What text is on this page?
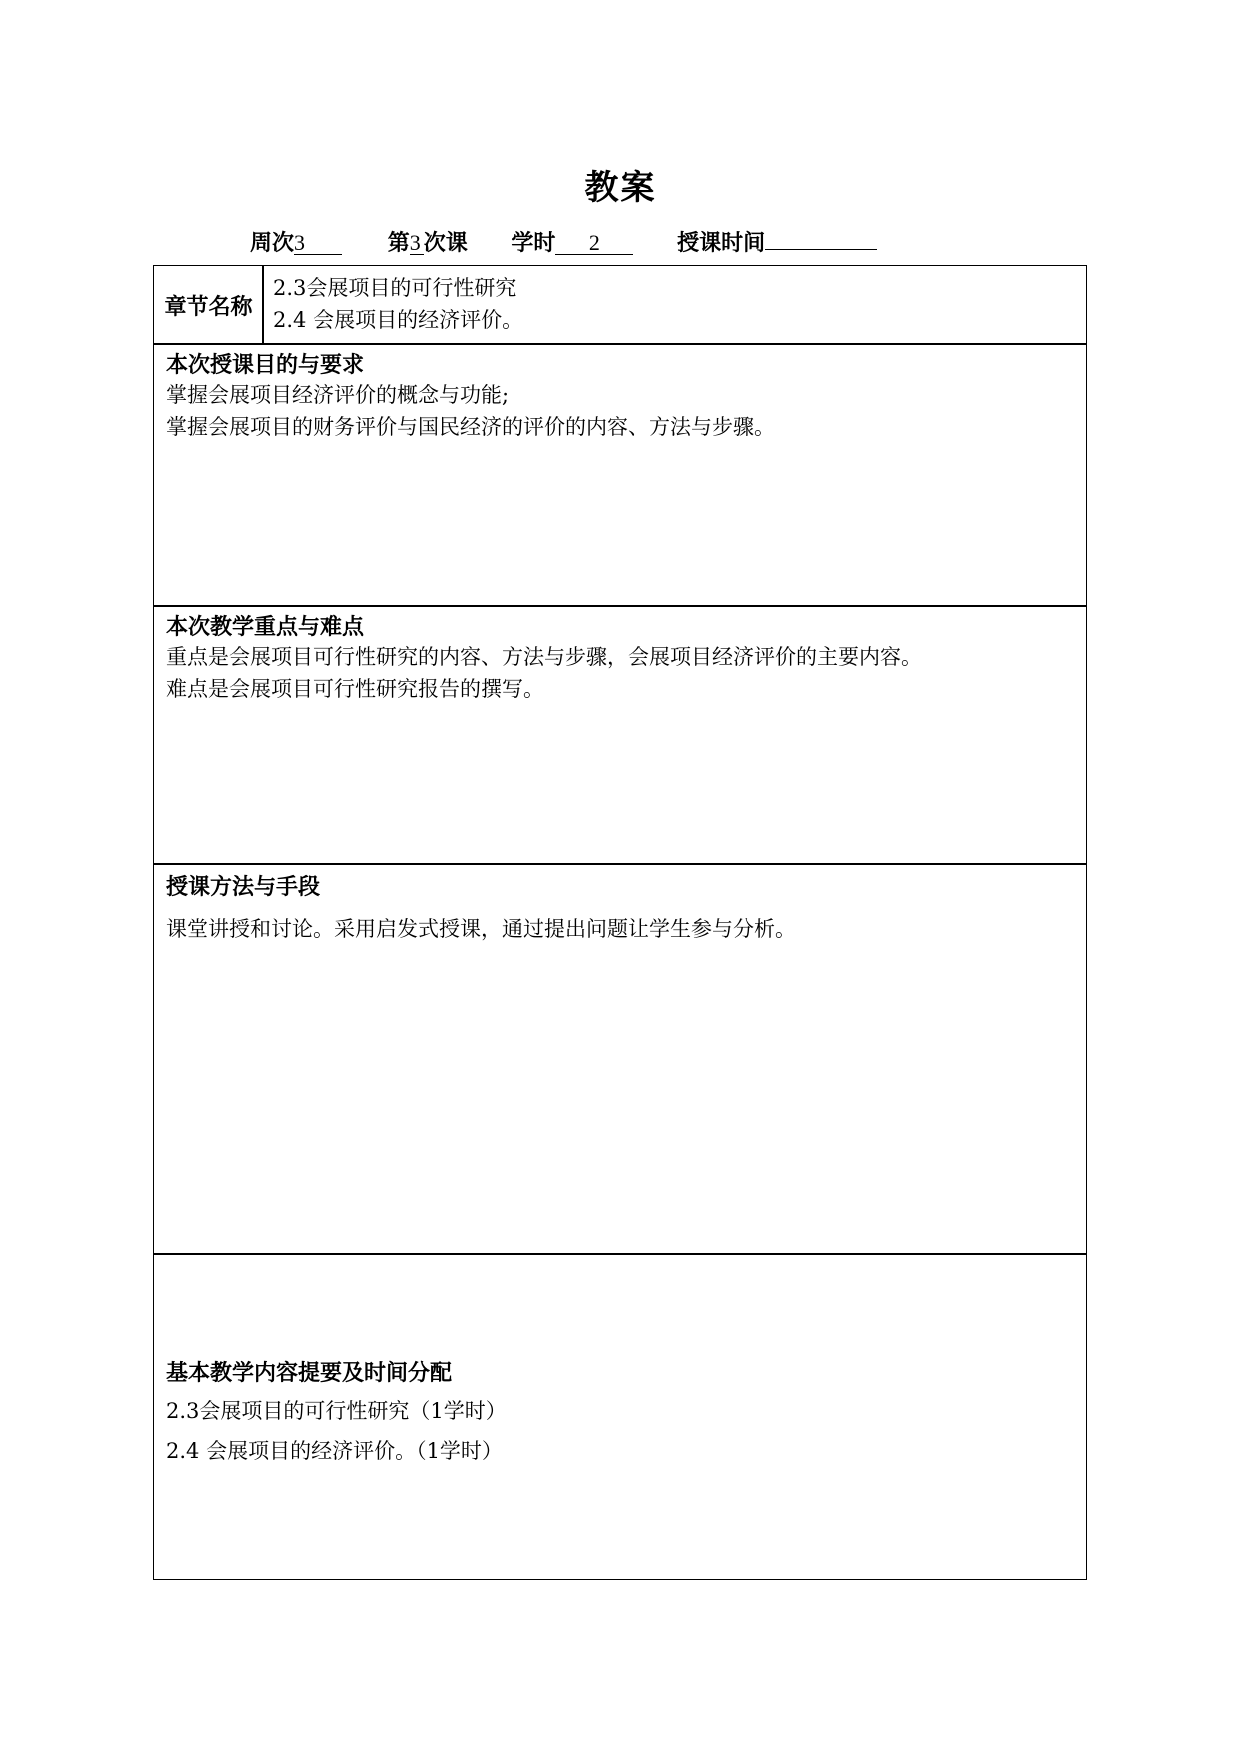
教案
周次3	第3 次课 学时 2	授课时间
章节名称
2.3会展项目的可行性研究
2.4 会展项目的经济评价。
本次授课目的与要求
掌握会展项目经济评价的概念与功能;
掌握会展项目的财务评价与国民经济的评价的内容、方法与步骤。
本次教学重点与难点
重点是会展项目可行性研究的内容、方法与步骤，会展项目经济评价的主要内容。
难点是会展项目可行性研究报告的撰写。
授课方法与手段
课堂讲授和讨论。采用启发式授课，通过提出问题让学生参与分析。
基本教学内容提要及时间分配
2.3会展项目的可行性研究（1学时）
2.4 会展项目的经济评价。（1学时）
